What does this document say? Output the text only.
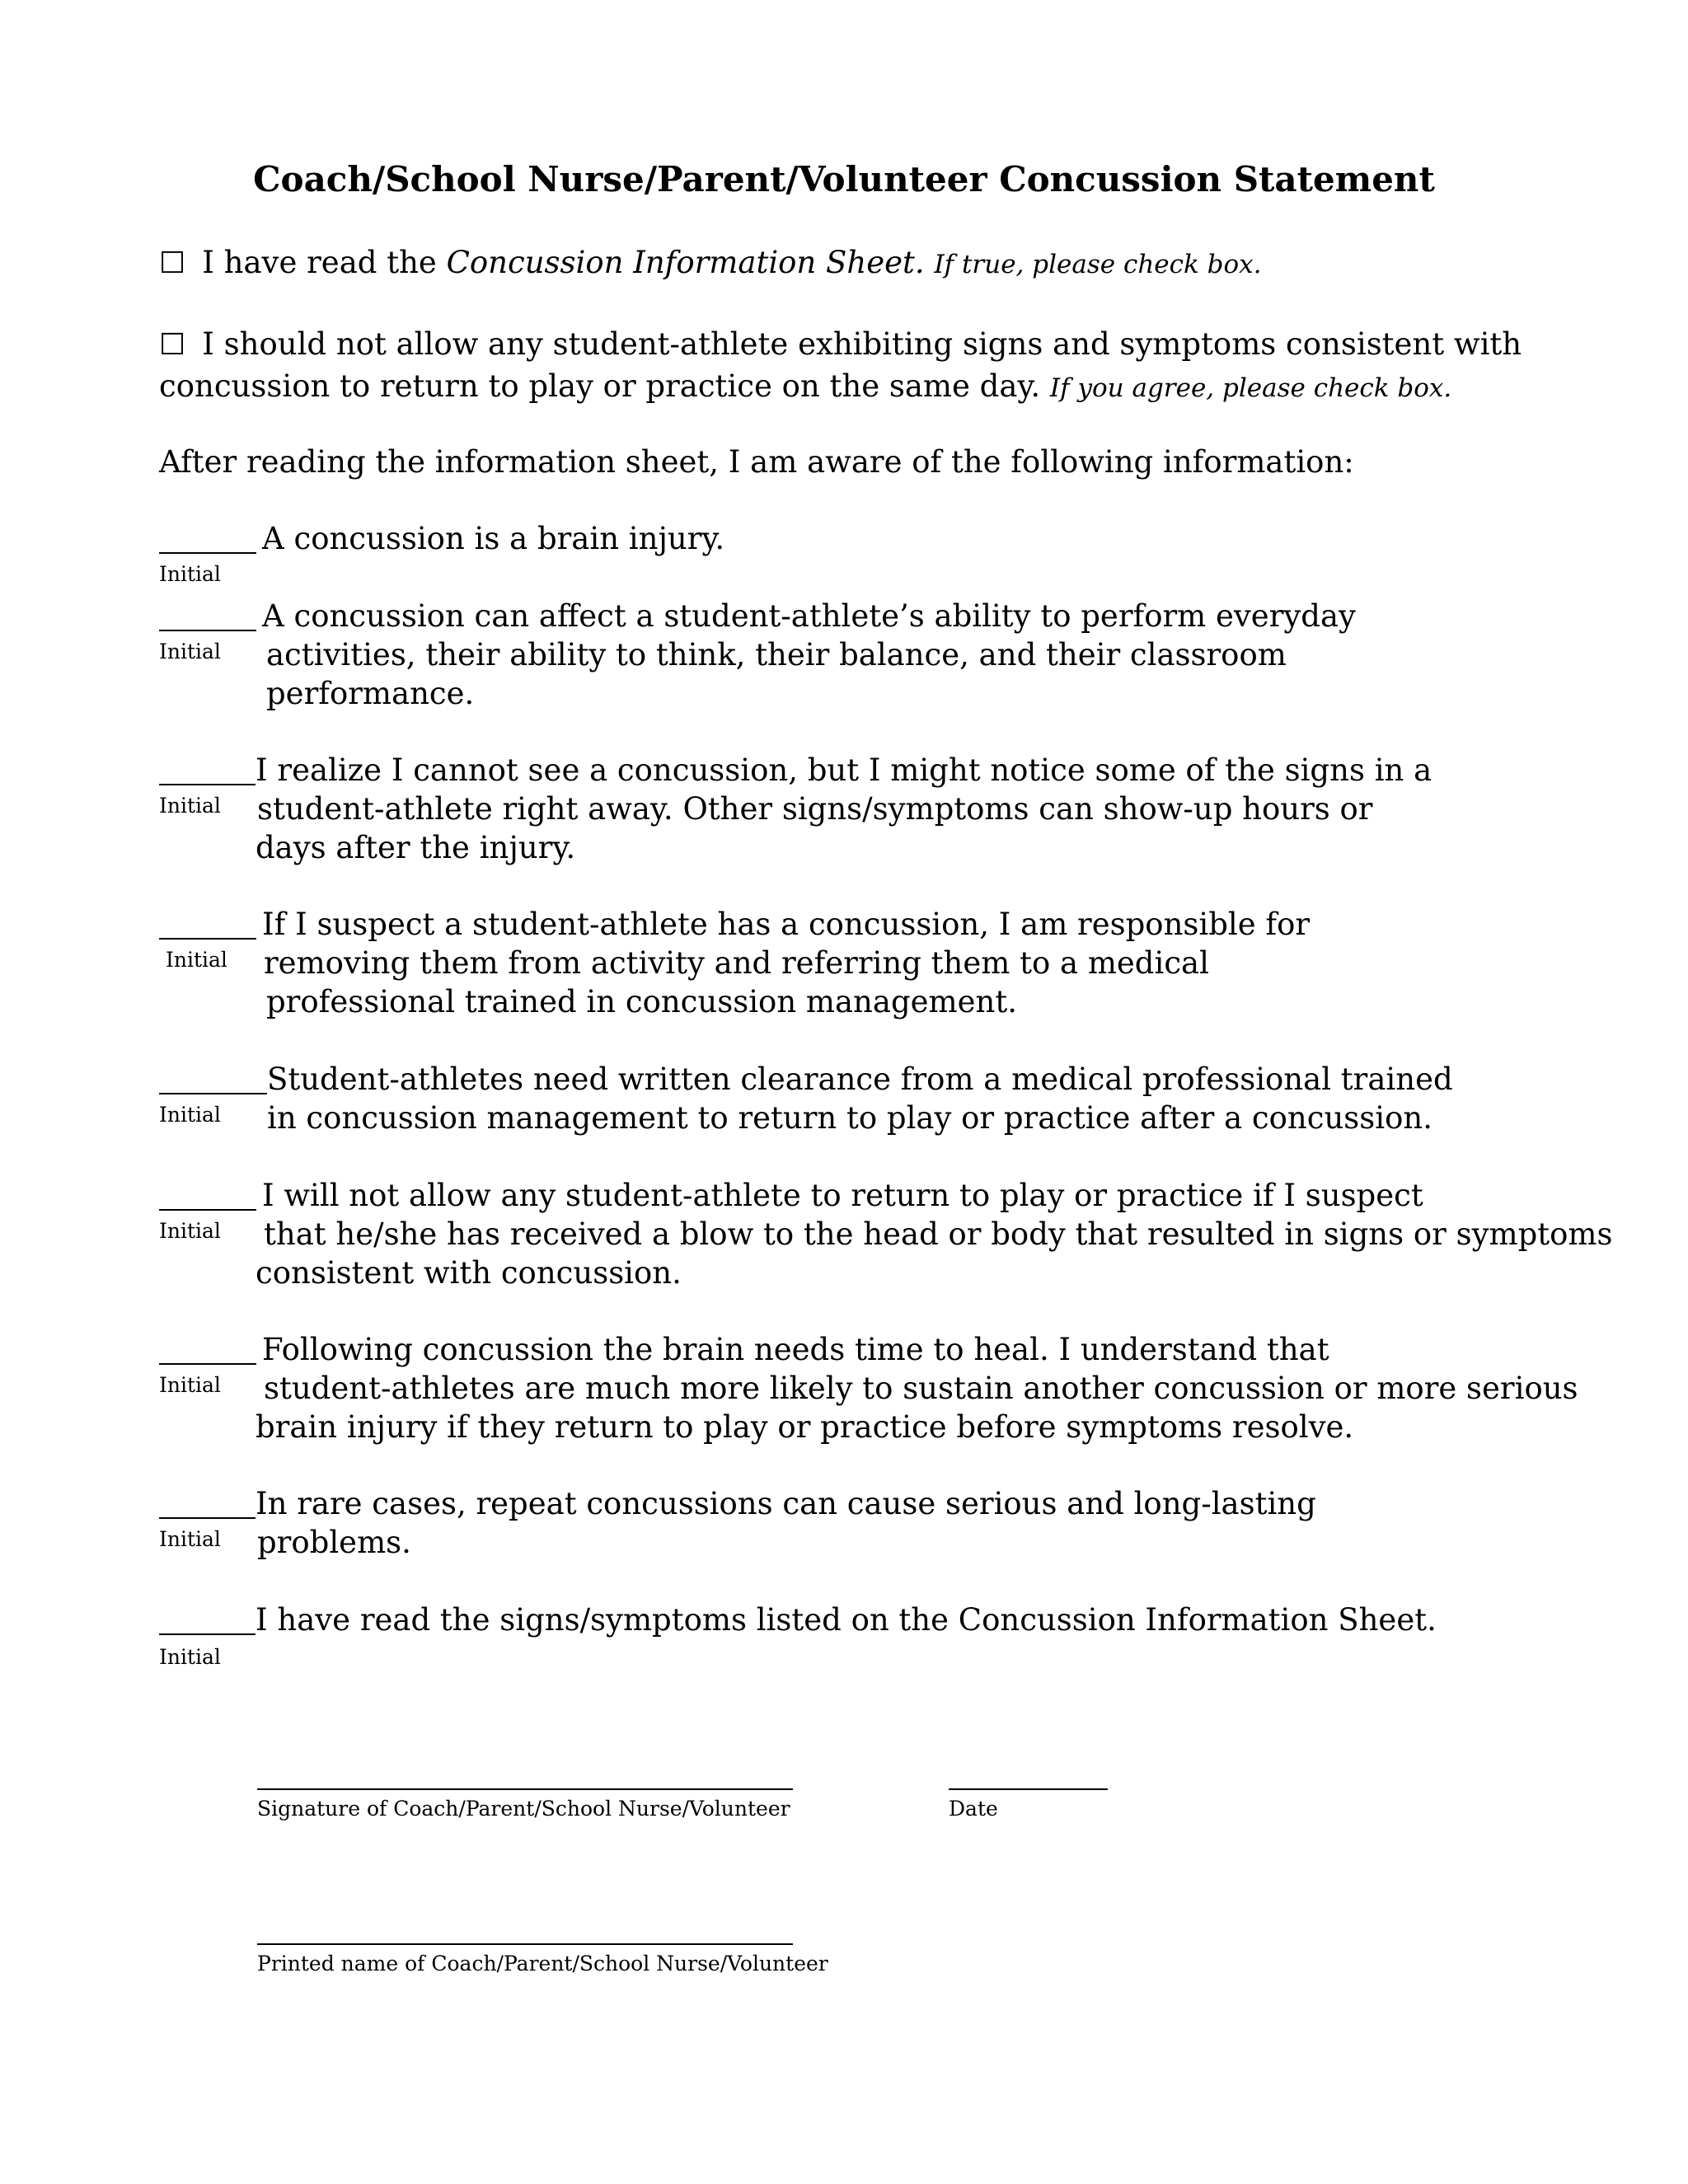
Coach/School Nurse/Parent/Volunteer Concussion Statement
☐ I have read the Concussion Information Sheet. If true, please check box.
☐ I should not allow any student-athlete exhibiting signs and symptoms consistent with
concussion to return to play or practice on the same day. If you agree, please check box.
After reading the information sheet, I am aware of the following information:
Initial
A concussion is a brain injury.
Initial
A concussion can affect a student-athlete’s ability to perform everyday
activities, their ability to think, their balance, and their classroom
performance.
Initial
I realize I cannot see a concussion, but I might notice some of the signs in a
student-athlete right away. Other signs/symptoms can show-up hours or
days after the injury.
Initial
If I suspect a student-athlete has a concussion, I am responsible for
removing them from activity and referring them to a medical
professional trained in concussion management.
Initial
Student-athletes need written clearance from a medical professional trained
in concussion management to return to play or practice after a concussion.
Initial
I will not allow any student-athlete to return to play or practice if I suspect
that he/she has received a blow to the head or body that resulted in signs or symptoms
consistent with concussion.
Initial
Following concussion the brain needs time to heal. I understand that
student-athletes are much more likely to sustain another concussion or more serious
brain injury if they return to play or practice before symptoms resolve.
Initial
In rare cases, repeat concussions can cause serious and long-lasting
problems.
Initial
I have read the signs/symptoms listed on the Concussion Information Sheet.
Signature of Coach/Parent/School Nurse/Volunteer	Date
Printed name of Coach/Parent/School Nurse/Volunteer
